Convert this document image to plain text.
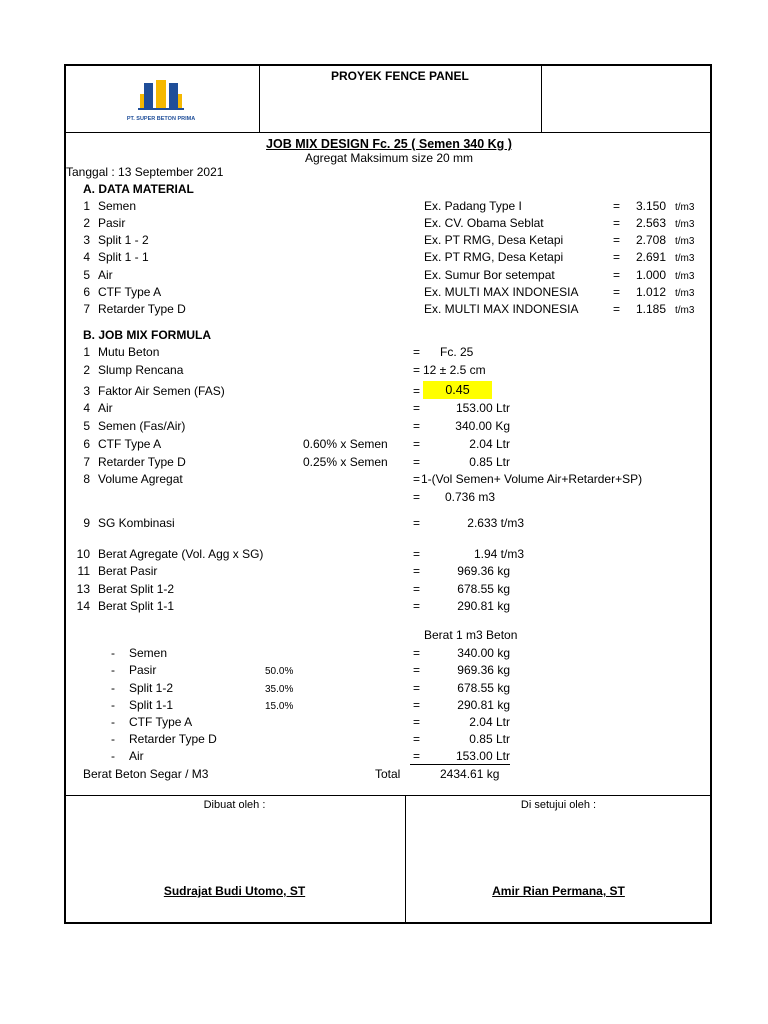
PT. SUPER BETON PRIMA
PROYEK FENCE PANEL
JOB MIX DESIGN Fc. 25 ( Semen 340 Kg )
Agregat Maksimum size 20 mm
Tanggal : 13 September 2021
A. DATA MATERIAL
1 Semen	Ex. Padang Type I	=	3.150 t/m3
2 Pasir	Ex. CV. Obama Seblat	=	2.563 t/m3
3 Split 1 - 2	Ex. PT RMG, Desa Ketapi	=	2.708 t/m3
4 Split 1 - 1	Ex. PT RMG, Desa Ketapi	=	2.691 t/m3
5 Air	Ex. Sumur Bor setempat	=	1.000 t/m3
6 CTF Type A	Ex. MULTI MAX INDONESIA	=	1.012 t/m3
7 Retarder Type D	Ex. MULTI MAX INDONESIA	=	1.185 t/m3
B. JOB MIX FORMULA
1 Mutu Beton	= Fc. 25
2 Slump Rencana	= 12 ± 2.5 cm
3 Faktor Air Semen (FAS)	=	0.45
4 Air	=	153.00 Ltr
5 Semen (Fas/Air)	=	340.00 Kg
6 CTF Type A	0.60% x Semen =	2.04 Ltr
7 Retarder Type D	0.25% x Semen =	0.85 Ltr
8 Volume Agregat	= 1-(Vol Semen+ Volume Air+Retarder+SP)
= 0.736 m3
9 SG Kombinasi	=	2.633 t/m3
10 Berat Agregate (Vol. Agg x SG)	=	1.94 t/m3
11 Berat Pasir	=	969.36 kg
13 Berat Split 1-2	=	678.55 kg
14 Berat Split 1-1	=	290.81 kg
Berat 1 m3 Beton
- Semen	=	340.00 kg
- Pasir	50.0%	=	969.36 kg
- Split 1-2	35.0%	=	678.55 kg
- Split 1-1	15.0%	=	290.81 kg
- CTF Type A	=	2.04 Ltr
- Retarder Type D	=	0.85 Ltr
- Air	=	153.00 Ltr
Berat Beton Segar / M3	Total	2434.61 kg
Dibuat oleh :
Sudrajat Budi Utomo, ST
Di setujui oleh :
Amir Rian Permana, ST
